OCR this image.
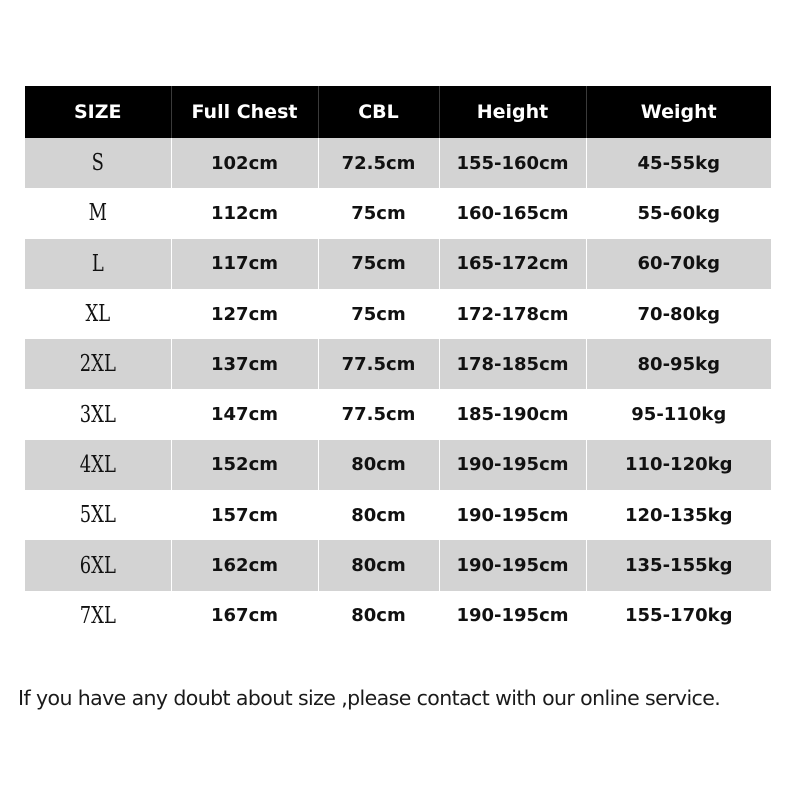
SIZE	Full Chest	CBL	Height	Weight
S	102cm	72.5cm	155-160cm	45-55kg
M	112cm	75cm	160-165cm	55-60kg
L	117cm	75cm	165-172cm	60-70kg
XL	127cm	75cm	172-178cm	70-80kg
2XL	137cm	77.5cm	178-185cm	80-95kg
3XL	147cm	77.5cm	185-190cm	95-110kg
4XL	152cm	80cm	190-195cm	110-120kg
5XL	157cm	80cm	190-195cm	120-135kg
6XL	162cm	80cm	190-195cm	135-155kg
7XL	167cm	80cm	190-195cm	155-170kg
If you have any doubt about size ,please contact with our online service.
